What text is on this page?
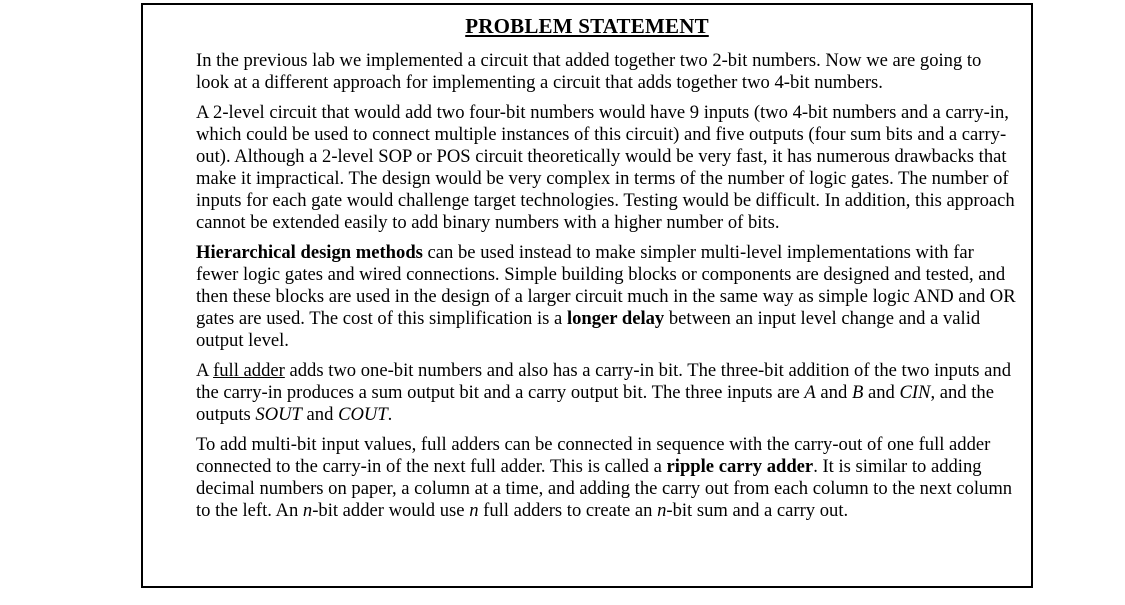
PROBLEM STATEMENT

In the previous lab we implemented a circuit that added together two 2-bit numbers. Now we are going to look at a different approach for implementing a circuit that adds together two 4-bit numbers.

A 2-level circuit that would add two four-bit numbers would have 9 inputs (two 4-bit numbers and a carry-in, which could be used to connect multiple instances of this circuit) and five outputs (four sum bits and a carry-out). Although a 2-level SOP or POS circuit theoretically would be very fast, it has numerous drawbacks that make it impractical. The design would be very complex in terms of the number of logic gates. The number of inputs for each gate would challenge target technologies. Testing would be difficult. In addition, this approach cannot be extended easily to add binary numbers with a higher number of bits.

Hierarchical design methods can be used instead to make simpler multi-level implementations with far fewer logic gates and wired connections. Simple building blocks or components are designed and tested, and then these blocks are used in the design of a larger circuit much in the same way as simple logic AND and OR gates are used. The cost of this simplification is a longer delay between an input level change and a valid output level.

A full adder adds two one-bit numbers and also has a carry-in bit. The three-bit addition of the two inputs and the carry-in produces a sum output bit and a carry output bit. The three inputs are A and B and CIN, and the outputs SOUT and COUT.

To add multi-bit input values, full adders can be connected in sequence with the carry-out of one full adder connected to the carry-in of the next full adder. This is called a ripple carry adder. It is similar to adding decimal numbers on paper, a column at a time, and adding the carry out from each column to the next column to the left. An n-bit adder would use n full adders to create an n-bit sum and a carry out.
